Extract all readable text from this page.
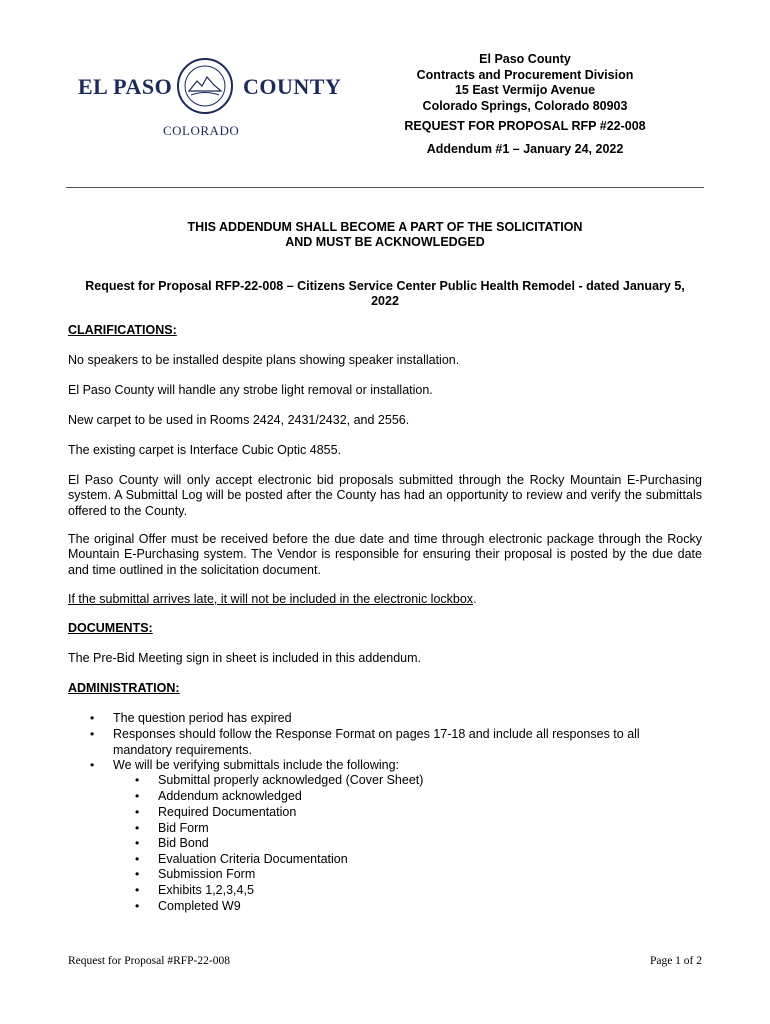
EL PASO	COUNTY
COLORADO
El Paso County
Contracts and Procurement Division
15 East Vermijo Avenue
Colorado Springs, Colorado 80903
REQUEST FOR PROPOSAL RFP #22-008
Addendum #1 – January 24, 2022
THIS ADDENDUM SHALL BECOME A PART OF THE SOLICITATION
AND MUST BE ACKNOWLEDGED
Request for Proposal RFP-22-008 – Citizens Service Center Public Health Remodel - dated January 5,
2022
CLARIFICATIONS:
No speakers to be installed despite plans showing speaker installation.
El Paso County will handle any strobe light removal or installation.
New carpet to be used in Rooms 2424, 2431/2432, and 2556.
The existing carpet is Interface Cubic Optic 4855.
El Paso County will only accept electronic bid proposals submitted through the Rocky Mountain E-Purchasing system. A Submittal Log will be posted after the County has had an opportunity to review and verify the submittals offered to the County.
The original Offer must be received before the due date and time through electronic package through the Rocky Mountain E-Purchasing system. The Vendor is responsible for ensuring their proposal is posted by the due date and time outlined in the solicitation document.
If the submittal arrives late, it will not be included in the electronic lockbox.
DOCUMENTS:
The Pre-Bid Meeting sign in sheet is included in this addendum.
ADMINISTRATION:
• The question period has expired
• Responses should follow the Response Format on pages 17-18 and include all responses to all
mandatory requirements.
• We will be verifying submittals include the following:
• Submittal properly acknowledged (Cover Sheet)
• Addendum acknowledged
• Required Documentation
• Bid Form
• Bid Bond
• Evaluation Criteria Documentation
• Submission Form
• Exhibits 1,2,3,4,5
• Completed W9
Request for Proposal #RFP-22-008	Page 1 of 2
